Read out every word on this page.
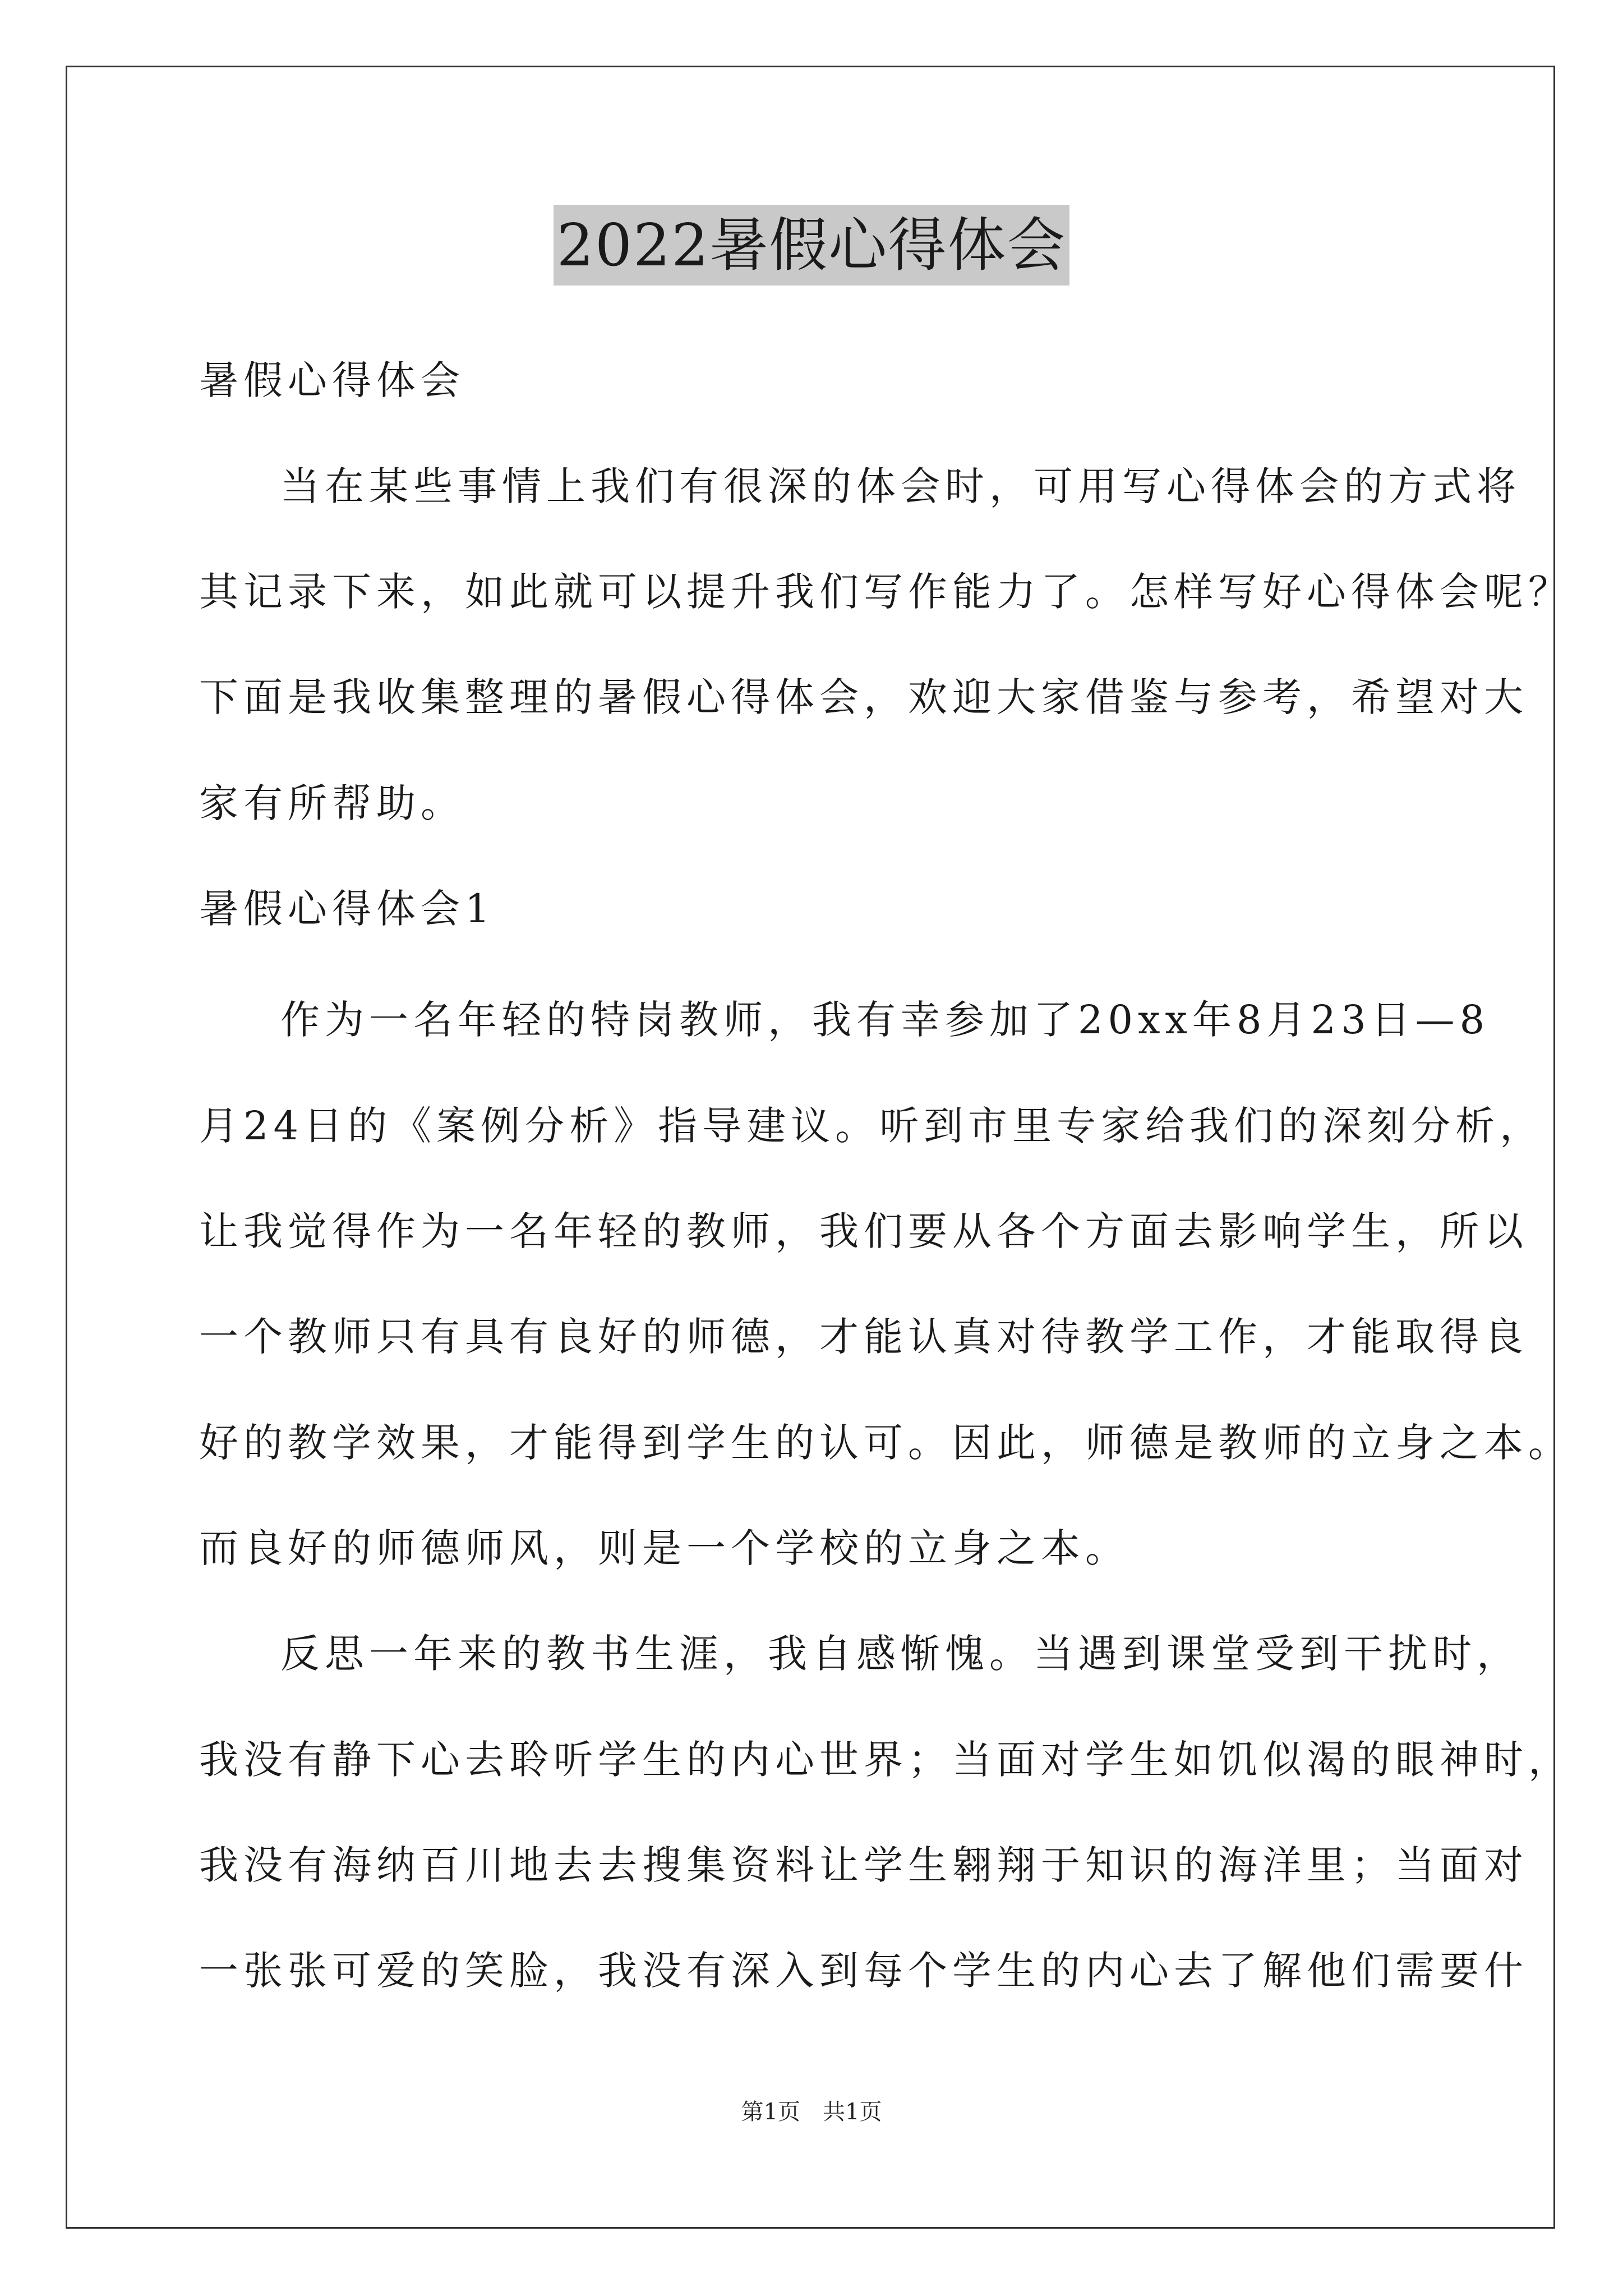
2022暑假心得体会
暑假心得体会
当在某些事情上我们有很深的体会时，可用写心得体会的方式将
其记录下来，如此就可以提升我们写作能力了。怎样写好心得体会呢？
下面是我收集整理的暑假心得体会，欢迎大家借鉴与参考，希望对大
家有所帮助。
暑假心得体会1
作为一名年轻的特岗教师，我有幸参加了20xx年8月23日—8
月24日的《案例分析》指导建议。听到市里专家给我们的深刻分析，
让我觉得作为一名年轻的教师，我们要从各个方面去影响学生，所以
一个教师只有具有良好的师德，才能认真对待教学工作，才能取得良
好的教学效果，才能得到学生的认可。因此，师德是教师的立身之本。
而良好的师德师风，则是一个学校的立身之本。
反思一年来的教书生涯，我自感惭愧。当遇到课堂受到干扰时，
我没有静下心去聆听学生的内心世界；当面对学生如饥似渴的眼神时，
我没有海纳百川地去去搜集资料让学生翱翔于知识的海洋里；当面对
一张张可爱的笑脸，我没有深入到每个学生的内心去了解他们需要什
第1页　共1页
